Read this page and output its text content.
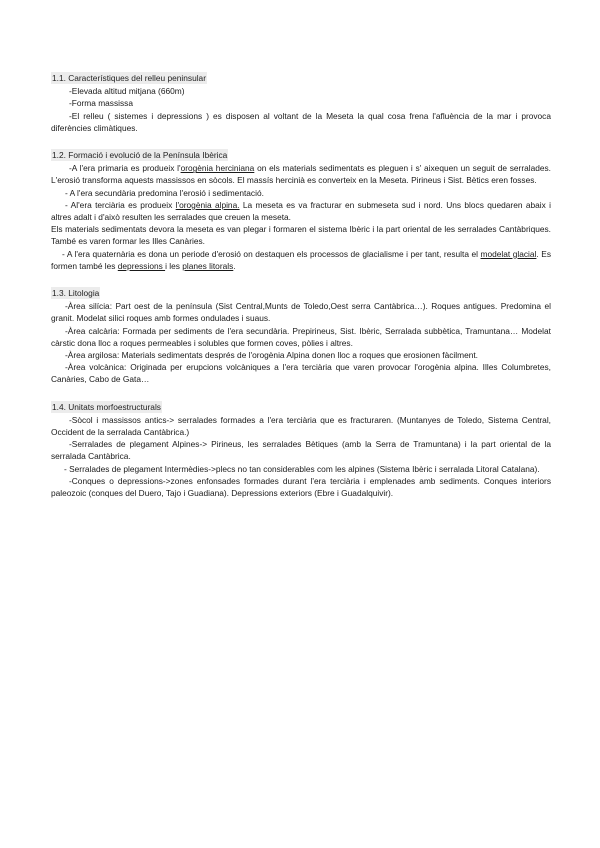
1.1. Característiques del relleu peninsular

-Elevada altitud mitjana (660m)

-Forma massissa

-El relleu ( sistemes i depressions ) es disposen al voltant de la Meseta la qual cosa frena l'afluència de la mar i provoca diferències climàtiques.

1.2. Formació i evolució de la Península Ibèrica

-A l'era primaria es produeix l'orogènia herciniana on els materials sedimentats es pleguen i s' aixequen un seguit de serralades. L'erosió transforma aquests massissos en sòcols. El massís hercinià es converteix en la Meseta. Pirineus i Sist. Bètics eren fosses.

- A l'era secundària predomina l'erosió i sedimentació.

- Al'era terciària es produeix l'orogènia alpina. La meseta es va fracturar en submeseta sud i nord. Uns blocs quedaren abaix i altres adalt i d'això resulten les serralades que creuen la meseta.

Els materials sedimentats devora la meseta es van plegar i formaren el sistema Ibèric i la part oriental de les serralades Cantàbriques. També es varen formar les Illes Canàries.

- A l'era quaternària es dona un periode d'erosió on destaquen els processos de glacialisme i per tant, resulta el modelat glacial. Es formen també les depressions i les planes litorals.

1.3. Litologia

-Àrea silícia: Part oest de la península (Sist Central,Munts de Toledo,Oest serra Cantàbrica…). Roques antigues. Predomina el granit. Modelat silici roques amb formes ondulades i suaus.

-Àrea calcària: Formada per sediments de l'era secundària. Prepirineus, Sist. Ibèric, Serralada subbètica, Tramuntana… Modelat càrstic dona lloc a roques permeables i solubles que formen coves, pòlies i altres.

-Àrea argilosa: Materials sedimentats després de l'orogènia Alpina donen lloc a roques que erosionen fàcilment.

-Àrea volcànica: Originada per erupcions volcàniques a l'era terciària que varen provocar l'orogènia alpina. Illes Columbretes, Canàries, Cabo de Gata…

1.4. Unitats morfoestructurals

-Sòcol i massissos antics-> serralades formades a l'era terciària que es fracturaren. (Muntanyes de Toledo, Sistema Central, Occident de la serralada Cantàbrica.)

-Serralades de plegament Alpines-> Pirineus, les serralades Bètiques (amb la Serra de Tramuntana) i la part oriental de la serralada Cantàbrica.

- Serralades de plegament Intermèdies->plecs no tan considerables com les alpines (Sistema Ibèric i serralada Litoral Catalana).

-Conques o depressions->zones enfonsades formades durant l'era terciària i emplenades amb sediments. Conques interiors paleozoic (conques del Duero, Tajo i Guadiana). Depressions exteriors (Ebre i Guadalquivir).
